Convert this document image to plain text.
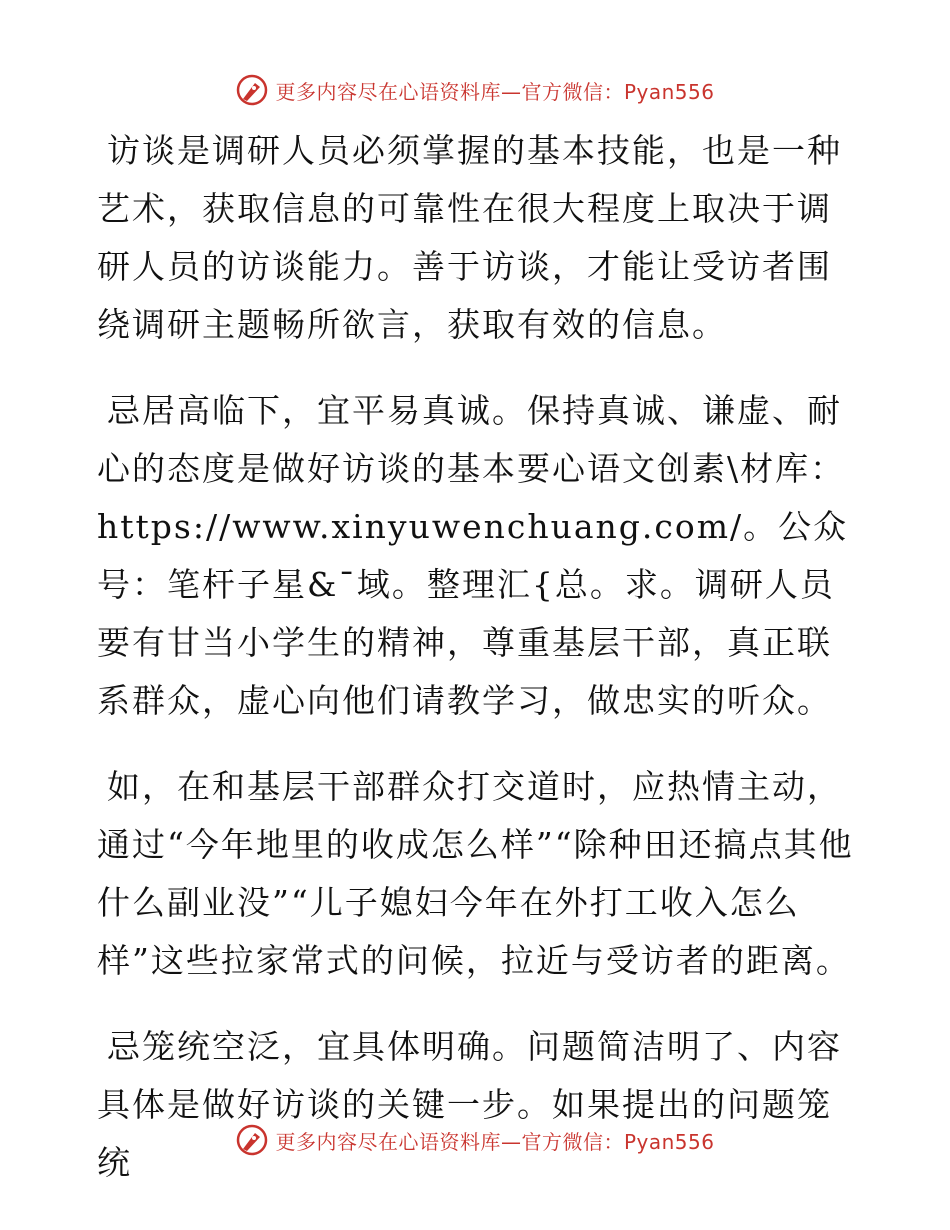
更多内容尽在心语资料库—官方微信：Pyan556

访谈是调研人员必须掌握的基本技能，也是一种艺术，获取信息的可靠性在很大程度上取决于调研人员的访谈能力。善于访谈，才能让受访者围绕调研主题畅所欲言，获取有效的信息。

忌居高临下，宜平易真诚。保持真诚、谦虚、耐心的态度是做好访谈的基本要心语文创素\材库：https://www.xinyuwenchuang.com/。公众号：笔杆子星&¯域。整理汇{总。求。调研人员要有甘当小学生的精神，尊重基层干部，真正联系群众，虚心向他们请教学习，做忠实的听众。

如，在和基层干部群众打交道时，应热情主动，通过“今年地里的收成怎么样”“除种田还搞点其他什么副业没”“儿子媳妇今年在外打工收入怎么样”这些拉家常式的问候，拉近与受访者的距离。

忌笼统空泛，宜具体明确。问题简洁明了、内容具体是做好访谈的关键一步。如果提出的问题笼统

更多内容尽在心语资料库—官方微信：Pyan556
